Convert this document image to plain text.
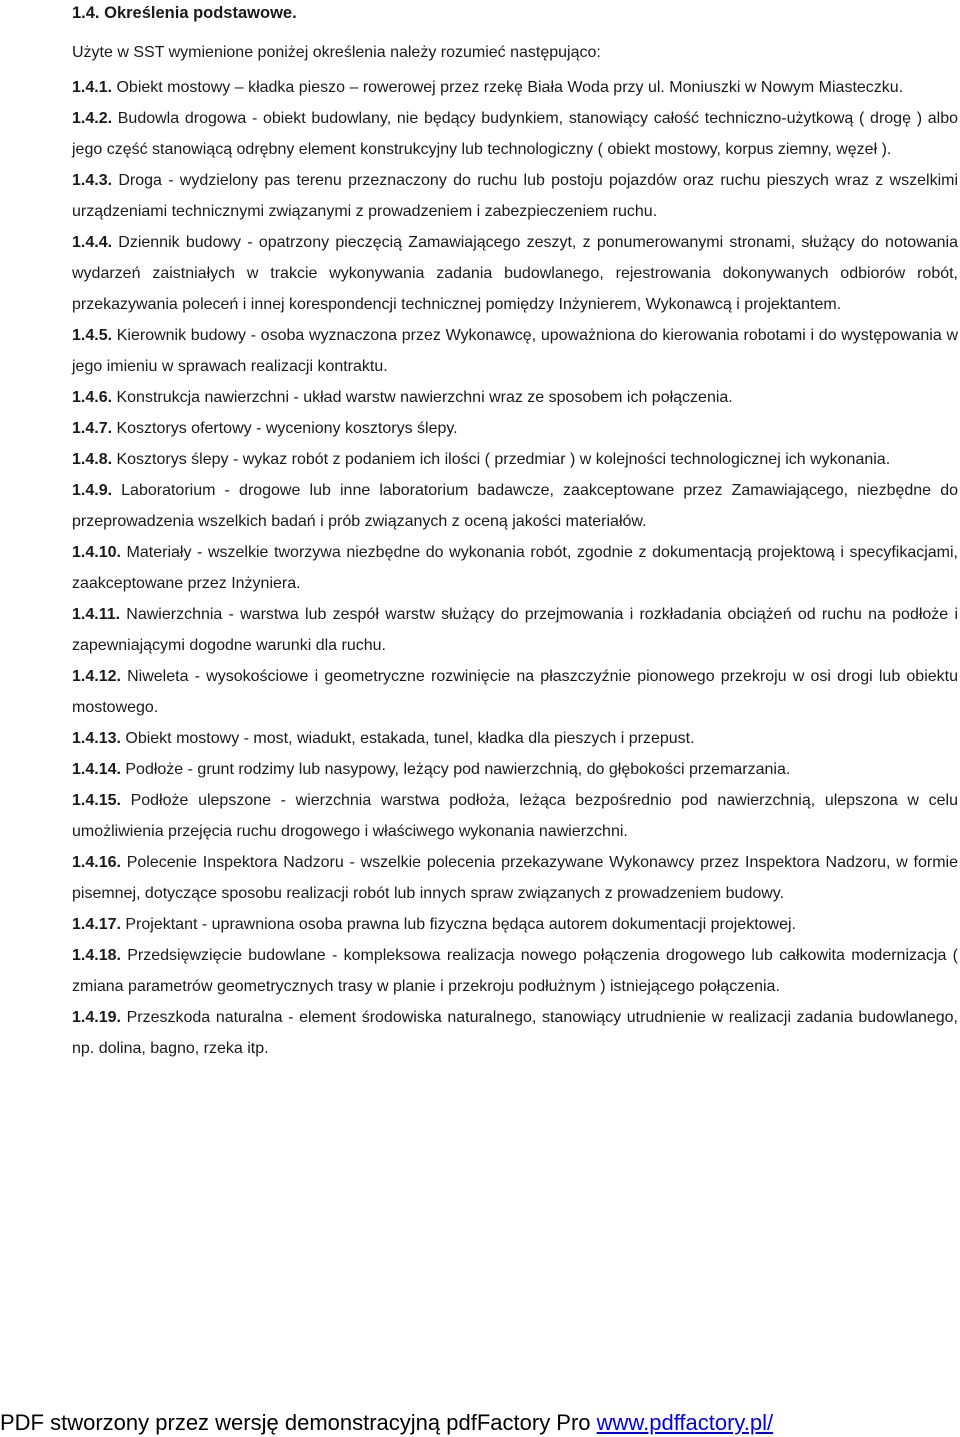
1.4. Określenia podstawowe.
Użyte w SST wymienione poniżej określenia należy rozumieć następująco:

1.4.1. Obiekt mostowy – kładka pieszo – rowerowej przez rzekę Biała Woda przy ul. Moniuszki w Nowym Miasteczku.

1.4.2. Budowla drogowa - obiekt budowlany, nie będący budynkiem, stanowiący całość techniczno-użytkową ( drogę ) albo jego część stanowiącą odrębny element konstrukcyjny lub technologiczny ( obiekt mostowy, korpus ziemny, węzeł ).

1.4.3. Droga - wydzielony pas terenu przeznaczony do ruchu lub postoju pojazdów oraz ruchu pieszych wraz z wszelkimi urządzeniami technicznymi związanymi z prowadzeniem i zabezpieczeniem ruchu.

1.4.4. Dziennik budowy - opatrzony pieczęcią Zamawiającego zeszyt, z ponumerowanymi stronami, służący do notowania wydarzeń zaistniałych w trakcie wykonywania zadania budowlanego, rejestrowania dokonywanych odbiorów robót, przekazywania poleceń i innej korespondencji technicznej pomiędzy Inżynierem, Wykonawcą i projektantem.

1.4.5. Kierownik budowy - osoba wyznaczona przez Wykonawcę, upoważniona do kierowania robotami i do występowania w jego imieniu w sprawach realizacji kontraktu.

1.4.6. Konstrukcja nawierzchni - układ warstw nawierzchni wraz ze sposobem ich połączenia.

1.4.7. Kosztorys ofertowy - wyceniony kosztorys ślepy.

1.4.8. Kosztorys ślepy - wykaz robót z podaniem ich ilości ( przedmiar ) w kolejności technologicznej ich wykonania.

1.4.9. Laboratorium - drogowe lub inne laboratorium badawcze, zaakceptowane przez Zamawiającego, niezbędne do przeprowadzenia wszelkich badań i prób związanych z oceną jakości materiałów.

1.4.10. Materiały - wszelkie tworzywa niezbędne do wykonania robót, zgodnie z dokumentacją projektową i specyfikacjami, zaakceptowane przez Inżyniera.

1.4.11. Nawierzchnia - warstwa lub zespół warstw służący do przejmowania i rozkładania obciążeń od ruchu na podłoże i zapewniającymi dogodne warunki dla ruchu.

1.4.12. Niweleta - wysokościowe i geometryczne rozwinięcie na płaszczyźnie pionowego przekroju w osi drogi lub obiektu mostowego.

1.4.13. Obiekt mostowy - most, wiadukt, estakada, tunel, kładka dla pieszych i przepust.

1.4.14. Podłoże - grunt rodzimy lub nasypowy, leżący pod nawierzchnią, do głębokości przemarzania.

1.4.15. Podłoże ulepszone - wierzchnia warstwa podłoża, leżąca bezpośrednio pod nawierzchnią, ulepszona w celu umożliwienia przejęcia ruchu drogowego i właściwego wykonania nawierzchni.

1.4.16. Polecenie Inspektora Nadzoru - wszelkie polecenia przekazywane Wykonawcy przez Inspektora Nadzoru, w formie pisemnej, dotyczące sposobu realizacji robót lub innych spraw związanych z prowadzeniem budowy.

1.4.17. Projektant - uprawniona osoba prawna lub fizyczna będąca autorem dokumentacji projektowej.

1.4.18. Przedsięwzięcie budowlane - kompleksowa realizacja nowego połączenia drogowego lub całkowita modernizacja ( zmiana parametrów geometrycznych trasy w planie i przekroju podłużnym ) istniejącego połączenia.

1.4.19. Przeszkoda naturalna - element środowiska naturalnego, stanowiący utrudnienie w realizacji zadania budowlanego, np. dolina, bagno, rzeka itp.

PDF stworzony przez wersję demonstracyjną pdfFactory Pro www.pdffactory.pl/
